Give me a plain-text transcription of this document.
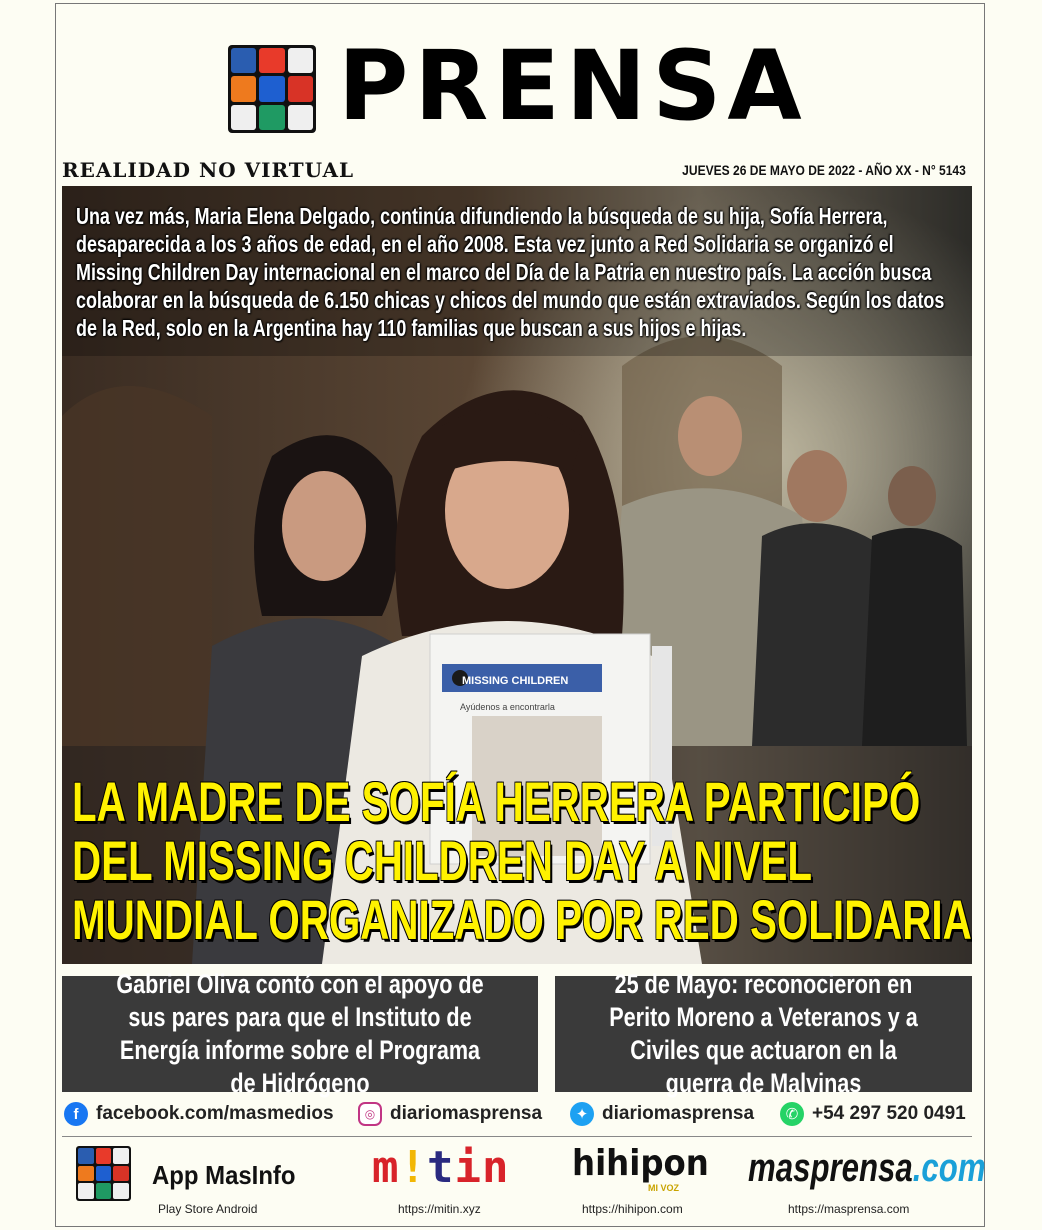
PRENSA
REALIDAD NO VIRTUAL	JUEVES 26 DE MAYO DE 2022 - AÑO XX - N° 5143
MISSING CHILDREN
Ayúdenos a encontrarla
Una vez más, Maria Elena Delgado, continúa difundiendo la búsqueda de su hija, Sofía Herrera, desaparecida a los 3 años de edad, en el año 2008. Esta vez junto a Red Solidaria se organizó el Missing Children Day internacional en el marco del Día de la Patria en nuestro país. La acción busca colaborar en la búsqueda de 6.150 chicas y chicos del mundo que están extraviados. Según los datos de la Red, solo en la Argentina hay 110 familias que buscan a sus hijos e hijas.
LA MADRE DE SOFÍA HERRERA PARTICIPÓ DEL MISSING CHILDREN DAY A NIVEL MUNDIAL ORGANIZADO POR RED SOLIDARIA
Gabriel Oliva contó con el apoyo de sus pares para que el Instituto de Energía informe sobre el Programa de Hidrógeno
25 de Mayo: reconocieron en Perito Moreno a Veteranos y a Civiles que actuaron en la guerra de Malvinas
f facebook.com/masmedios	◎ diariomasprensa	✦ diariomasprensa	✆ +54 297 520 0491
App MasInfo
Play Store Android
m!tin
https://mitin.xyz
hihipon
MI VOZ
https://hihipon.com
masprensa.com
https://masprensa.com
